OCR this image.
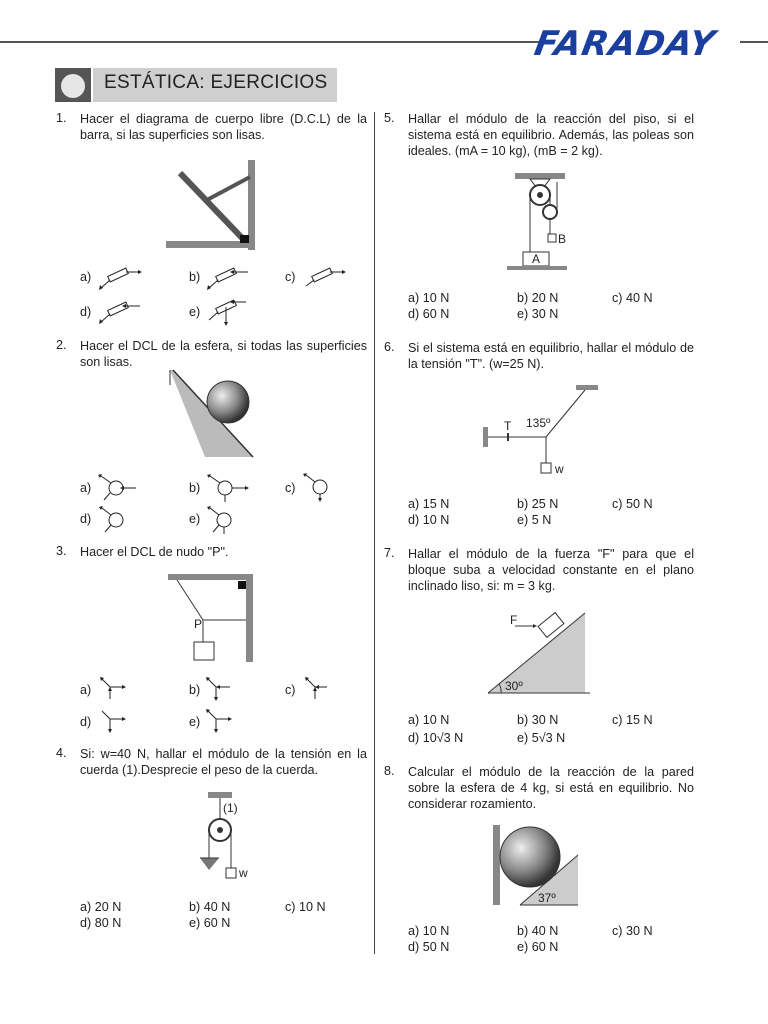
FARADAY
ESTÁTICA: EJERCICIOS
1. Hacer el diagrama de cuerpo libre (D.C.L) de la barra, si las superficies son lisas.
a)	b)	c)
d)	e)
2. Hacer el DCL de la esfera, si todas las superficies son lisas.
a)	b)	c)
d)	e)
3. Hacer el DCL de nudo "P".
P
a)	b)	c)
d)	e)
4. Si: w=40 N, hallar el módulo de la tensión en la cuerda (1).Desprecie el peso de la cuerda.
(1)
w
a) 20 N	b) 40 N	c) 10 N
d) 80 N	e) 60 N
5. Hallar el módulo de la reacción del piso, si el sistema está en equilibrio. Además, las poleas son ideales. (mA = 10 kg), (mB = 2 kg).
A
B
a) 10 N	b) 20 N	c) 40 N
d) 60 N	e) 30 N
6. Si el sistema está en equilibrio, hallar el módulo de la tensión "T". (w=25 N).
T 135º
w
a) 15 N	b) 25 N	c) 50 N
d) 10 N	e) 5 N
7. Hallar el módulo de la fuerza "F" para que el bloque suba a velocidad constante en el plano inclinado liso, si: m = 3 kg.
F
30º
a) 10 N	b) 30 N	c) 15 N
d) 10√3 N	e) 5√3 N
8. Calcular el módulo de la reacción de la pared sobre la esfera de 4 kg, si está en equilibrio. No considerar rozamiento.
37º
a) 10 N	b) 40 N	c) 30 N
d) 50 N	e) 60 N
